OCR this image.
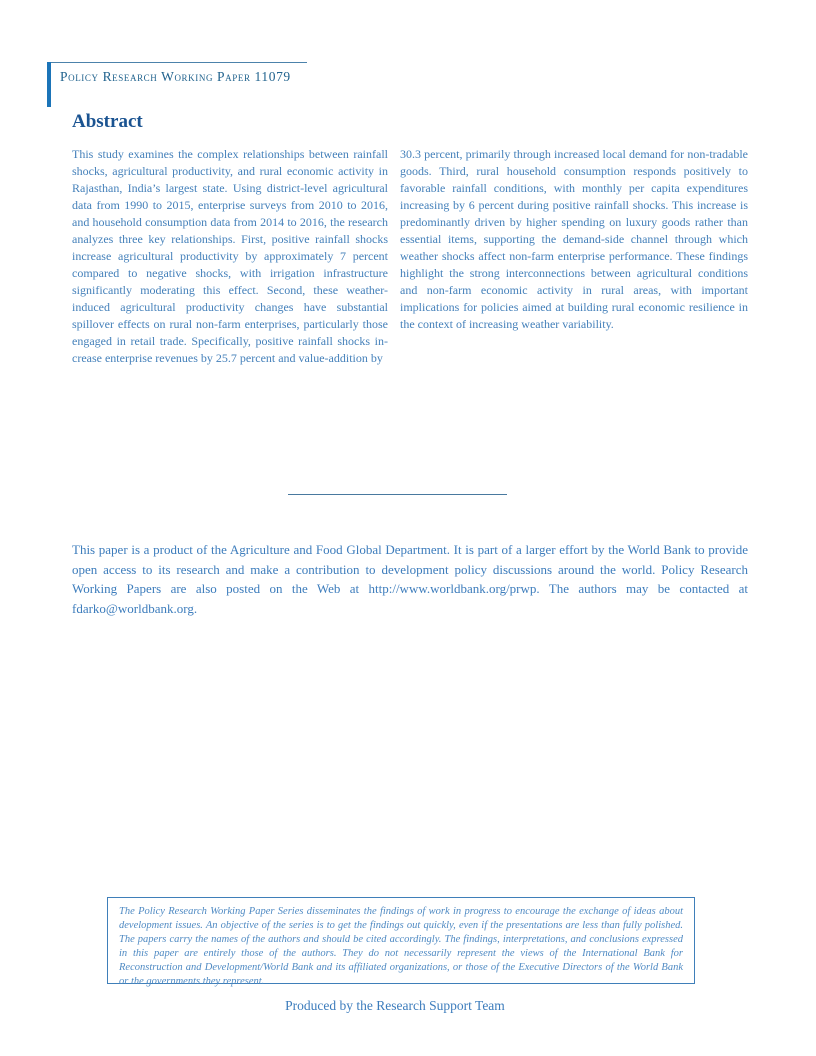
Policy Research Working Paper 11079
Abstract

This study examines the complex relationships between rainfall shocks, agricultural productivity, and rural economic activity in Rajasthan, India’s largest state. Using district-level agricultural data from 1990 to 2015, enterprise surveys from 2010 to 2016, and household consumption data from 2014 to 2016, the research analyzes three key relationships. First, positive rainfall shocks increase agricultural productivity by approximately 7 percent compared to negative shocks, with irrigation infrastructure significantly moderating this effect. Second, these weather-induced agricultural productivity changes have substantial spillover effects on rural non-farm enterprises, particularly those engaged in retail trade. Specifically, positive rainfall shocks in-crease enterprise revenues by 25.7 percent and value-addition by

30.3 percent, primarily through increased local demand for non-tradable goods. Third, rural household consumption responds positively to favorable rainfall conditions, with monthly per capita expenditures increasing by 6 percent during positive rainfall shocks. This increase is predominantly driven by higher spending on luxury goods rather than essential items, supporting the demand-side channel through which weather shocks affect non-farm enterprise performance. These findings highlight the strong interconnections between agricultural conditions and non-farm economic activity in rural areas, with important implications for policies aimed at building rural economic resilience in the context of increasing weather variability.

This paper is a product of the Agriculture and Food Global Department. It is part of a larger effort by the World Bank to provide open access to its research and make a contribution to development policy discussions around the world. Policy Research Working Papers are also posted on the Web at http://www.worldbank.org/prwp. The authors may be contacted at fdarko@worldbank.org.

The Policy Research Working Paper Series disseminates the findings of work in progress to encourage the exchange of ideas about development issues. An objective of the series is to get the findings out quickly, even if the presentations are less than fully polished. The papers carry the names of the authors and should be cited accordingly. The findings, interpretations, and conclusions expressed in this paper are entirely those of the authors. They do not necessarily represent the views of the International Bank for Reconstruction and Development/World Bank and its affiliated organizations, or those of the Executive Directors of the World Bank or the governments they represent.

Produced by the Research Support Team
